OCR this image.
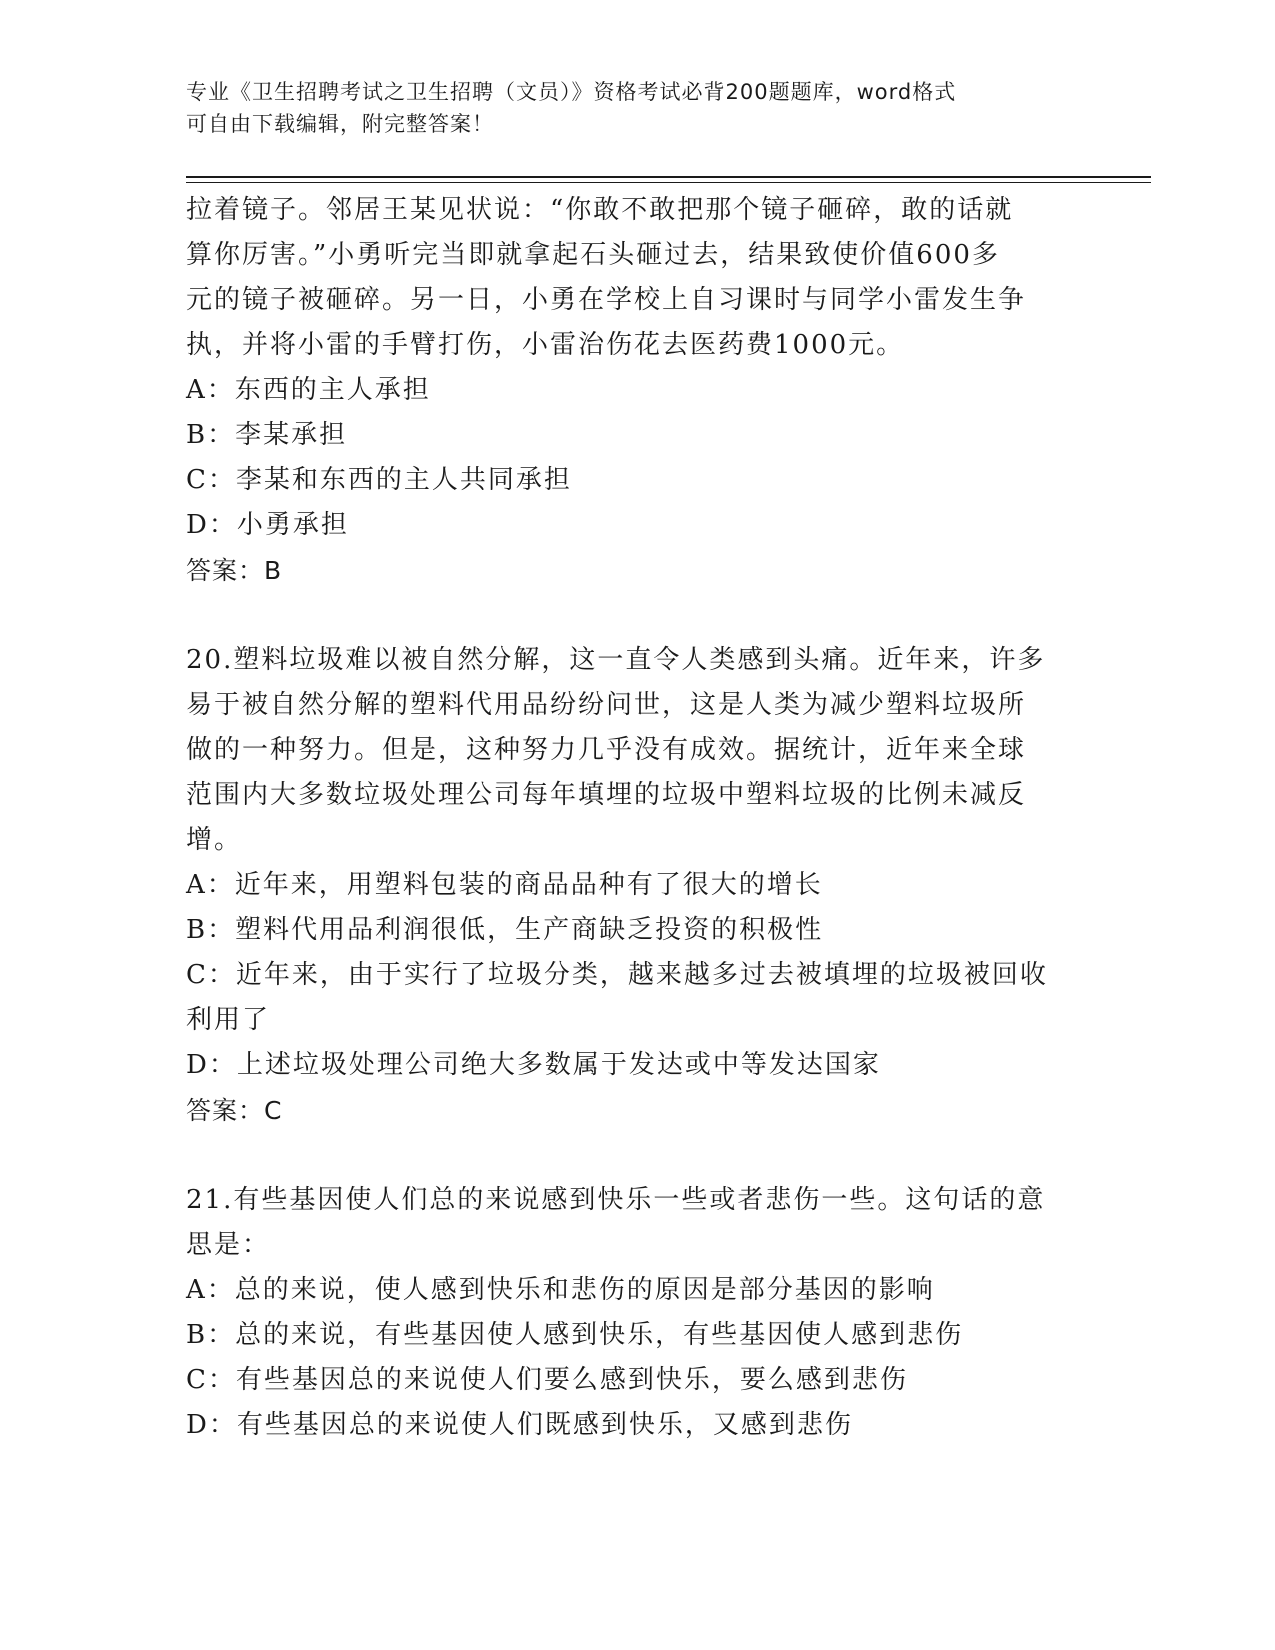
专业《卫生招聘考试之卫生招聘（文员）》资格考试必背200题题库，word格式
可自由下载编辑，附完整答案！

拉着镜子。邻居王某见状说：“你敢不敢把那个镜子砸碎，敢的话就

算你厉害。”小勇听完当即就拿起石头砸过去，结果致使价值600多

元的镜子被砸碎。另一日，小勇在学校上自习课时与同学小雷发生争

执，并将小雷的手臂打伤，小雷治伤花去医药费1000元。

A：东西的主人承担

B：李某承担

C：李某和东西的主人共同承担

D：小勇承担

答案：B

20.塑料垃圾难以被自然分解，这一直令人类感到头痛。近年来，许多

易于被自然分解的塑料代用品纷纷问世，这是人类为减少塑料垃圾所

做的一种努力。但是，这种努力几乎没有成效。据统计，近年来全球

范围内大多数垃圾处理公司每年填埋的垃圾中塑料垃圾的比例未减反

增。

A：近年来，用塑料包装的商品品种有了很大的增长

B：塑料代用品利润很低，生产商缺乏投资的积极性

C：近年来，由于实行了垃圾分类，越来越多过去被填埋的垃圾被回收

利用了

D：上述垃圾处理公司绝大多数属于发达或中等发达国家

答案：C

21.有些基因使人们总的来说感到快乐一些或者悲伤一些。这句话的意

思是：

A：总的来说，使人感到快乐和悲伤的原因是部分基因的影响

B：总的来说，有些基因使人感到快乐，有些基因使人感到悲伤

C：有些基因总的来说使人们要么感到快乐，要么感到悲伤

D：有些基因总的来说使人们既感到快乐，又感到悲伤
